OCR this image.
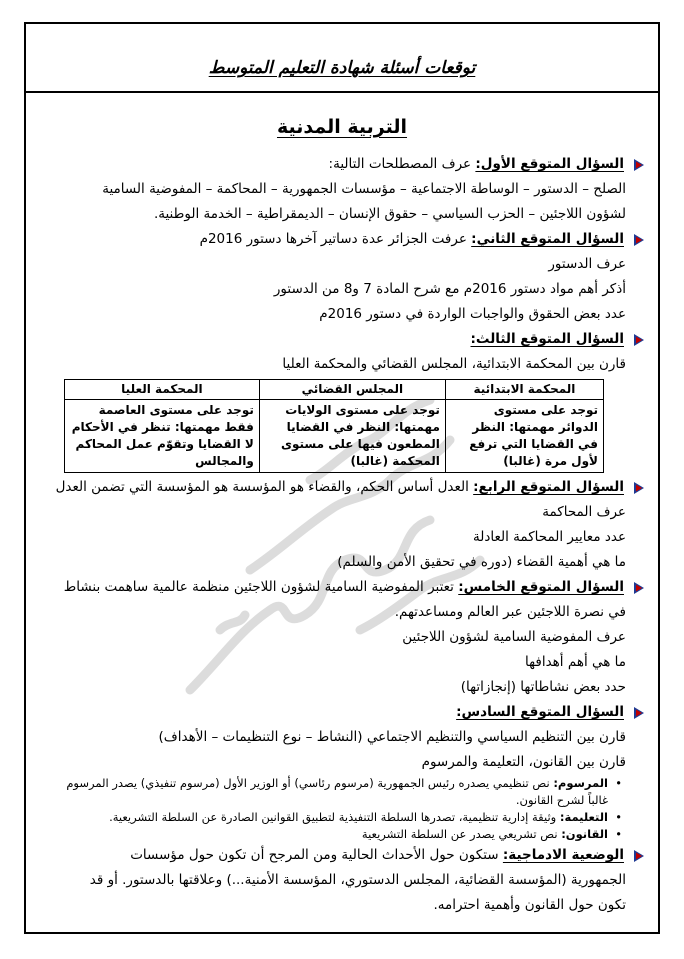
توقعات أسئلة شهادة التعليم المتوسط
التربية المدنية
السؤال المتوقع الأول: عرف المصطلحات التالية:
الصلح – الدستور – الوساطة الاجتماعية – مؤسسات الجمهورية – المحاكمة – المفوضية السامية
لشؤون اللاجئين – الحزب السياسي – حقوق الإنسان – الديمقراطية – الخدمة الوطنية.
السؤال المتوقع الثاني: عرفت الجزائر عدة دساتير آخرها دستور 2016م
عرف الدستور
أذكر أهم مواد دستور 2016م مع شرح المادة 7 و8 من الدستور
عدد بعض الحقوق والواجبات الواردة في دستور 2016م
السؤال المتوقع الثالث:
قارن بين المحكمة الابتدائية، المجلس القضائي والمحكمة العليا
المحكمة الابتدائية	المجلس القضائي	المحكمة العليا
توجد على مستوى الدوائر مهمتها: النظر في القضايا التي ترفع لأول مرة (غالبا)	توجد على مستوى الولايات مهمتها: النظر في القضايا المطعون فيها على مستوى المحكمة (غالبا)	توجد على مستوى العاصمة فقط مهمتها: تنظر في الأحكام لا القضايا وتقوّم عمل المحاكم والمجالس
السؤال المتوقع الرابع: العدل أساس الحكم، والقضاء هو المؤسسة هو المؤسسة التي تضمن العدل
عرف المحاكمة
عدد معايير المحاكمة العادلة
ما هي أهمية القضاء (دوره في تحقيق الأمن والسلم)
السؤال المتوقع الخامس: تعتبر المفوضية السامية لشؤون اللاجئين منظمة عالمية ساهمت بنشاط
في نصرة اللاجئين عبر العالم ومساعدتهم.
عرف المفوضية السامية لشؤون اللاجئين
ما هي أهم أهدافها
حدد بعض نشاطاتها (إنجازاتها)
السؤال المتوقع السادس:
قارن بين التنظيم السياسي والتنظيم الاجتماعي (النشاط – نوع التنظيمات – الأهداف)
قارن بين القانون، التعليمة والمرسوم
• المرسوم: نص تنظيمي يصدره رئيس الجمهورية (مرسوم رئاسي) أو الوزير الأول (مرسوم تنفيذي) يصدر المرسوم غالباً لشرح القانون.
• التعليمة: وثيقة إدارية تنظيمية، تصدرها السلطة التنفيذية لتطبيق القوانين الصادرة عن السلطة التشريعية.
• القانون: نص تشريعي يصدر عن السلطة التشريعية
الوضعية الادماجية: ستكون حول الأحداث الحالية ومن المرجح أن تكون حول مؤسسات
الجمهورية (المؤسسة القضائية، المجلس الدستوري، المؤسسة الأمنية...) وعلاقتها بالدستور. أو قد
تكون حول القانون وأهمية احترامه.
